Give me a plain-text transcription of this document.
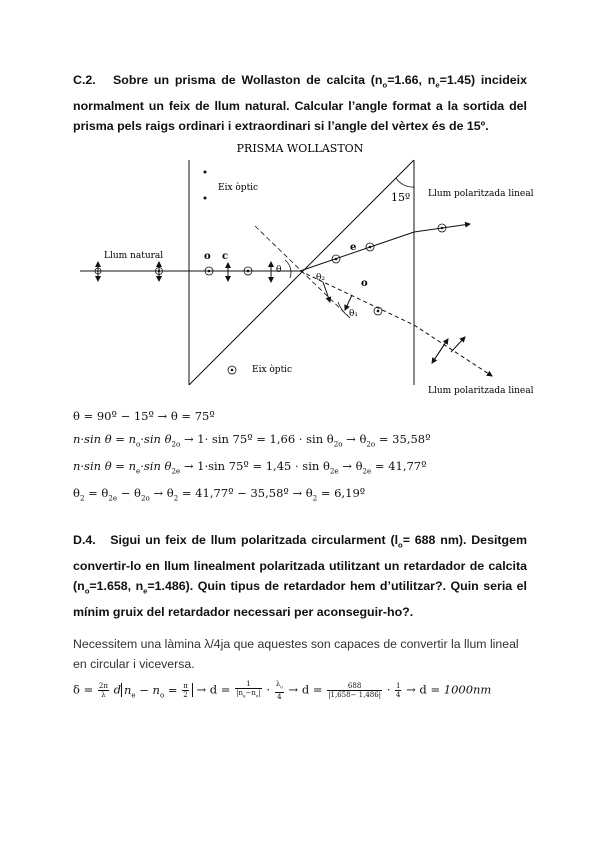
C.2. Sobre un prisma de Wollaston de calcita ($n_o=1.66$, $n_e=1.45$) incideix
normalment un feix de llum natural. Calcular l’angle format a la sortida del
prisma pels raigs ordinari i extraordinari si l’angle del vèrtex és de 15º.
PRISMA WOLLASTON
15º
Eix òptic
Eix òptic
Llum natural	o c
θ
θ₂
θ₁
e
o
Llum polaritzada lineal
Llum polaritzada lineal
θ = 90º − 15º → θ = 75º
n·sin $\theta = n_o\cdot\sin$ $\theta_{2o} \to 1\cdot \sin$ 75º = $1,66 \cdot \sin \theta_{2o} \to \theta_{2o}$ = 35,58º
n·sin $\theta = n_e\cdot\sin$ $\theta_{2e} \to 1\cdot\sin$ 75º = $1,45 \cdot \sin \theta_{2e} \to \theta_{2e}$ = 41,77º
$\theta_2 = \theta_{2e} - \theta_{2o} \to \theta_2$ = 41,77º − 35,58º → $\theta_2$ = 6,19º
D.4. Sigui un feix de llum polaritzada circularment ($l_o= 688$ nm). Desitgem
convertir-lo en llum linealment polaritzada utilitzant un retardador de calcita
($n_o=1.658$, $n_e=1.486$). Quin tipus de retardador hem d’utilitzar?. Quin seria el
mínim gruix del retardador necessari per aconseguir-ho?.
Necessitem una làmina λ/4ja que aquestes son capaces de convertir la llum lineal
en circular i viceversa.
$\delta = \frac{2\pi}{\lambda}$ d $n_e - n_o = \frac{\pi}{2} \to d = \frac{1}{|n_e-n_o|} \cdot \frac{\lambda_o}{4} \to d = \frac{688}{|1,658- 1,486|} \cdot \frac{1}{4} \to d = 1000nm$
